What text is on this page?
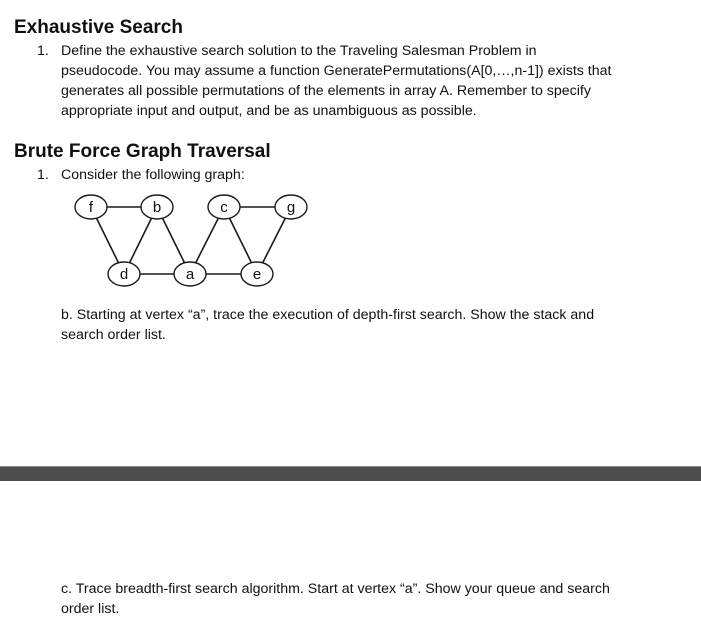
Exhaustive Search
1. Define the exhaustive search solution to the Traveling Salesman Problem in
pseudocode. You may assume a function GeneratePermutations(A[0,…,n-1]) exists that
generates all possible permutations of the elements in array A. Remember to specify
appropriate input and output, and be as unambiguous as possible.
Brute Force Graph Traversal
1. Consider the following graph:
f	b	c	g
d	a	e
b. Starting at vertex “a”, trace the execution of depth-first search. Show the stack and
search order list.
c. Trace breadth-first search algorithm. Start at vertex “a”. Show your queue and search
order list.
